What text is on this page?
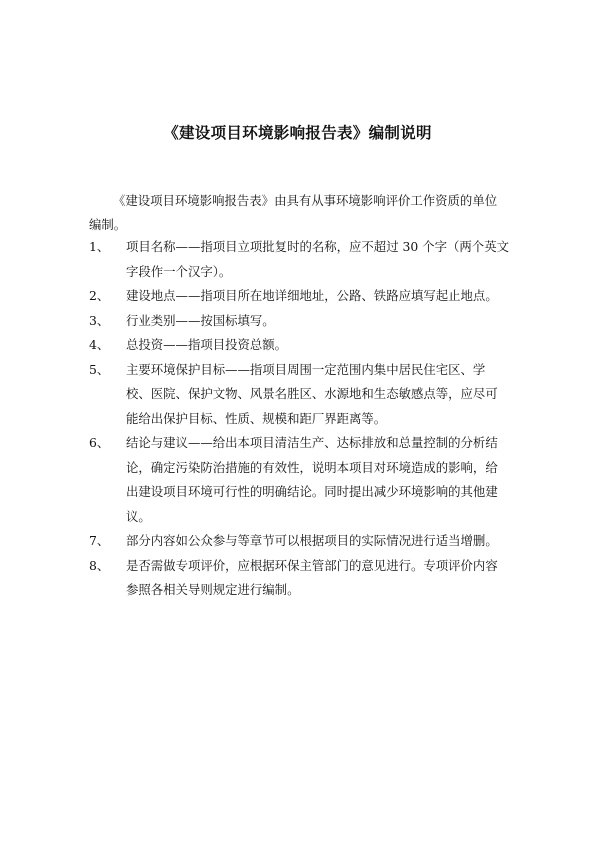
《建设项目环境影响报告表》编制说明
《建设项目环境影响报告表》由具有从事环境影响评价工作资质的单位编制。
1、	项目名称——指项目立项批复时的名称，应不超过 30 个字（两个英文字段作一个汉字）。
2、	建设地点——指项目所在地详细地址，公路、铁路应填写起止地点。
3、	行业类别——按国标填写。
4、	总投资——指项目投资总额。
5、	主要环境保护目标——指项目周围一定范围内集中居民住宅区、学校、医院、保护文物、风景名胜区、水源地和生态敏感点等，应尽可能给出保护目标、性质、规模和距厂界距离等。
6、	结论与建议——给出本项目清洁生产、达标排放和总量控制的分析结论，确定污染防治措施的有效性，说明本项目对环境造成的影响，给出建设项目环境可行性的明确结论。同时提出减少环境影响的其他建议。
7、	部分内容如公众参与等章节可以根据项目的实际情况进行适当增删。
8、	是否需做专项评价，应根据环保主管部门的意见进行。专项评价内容参照各相关导则规定进行编制。
